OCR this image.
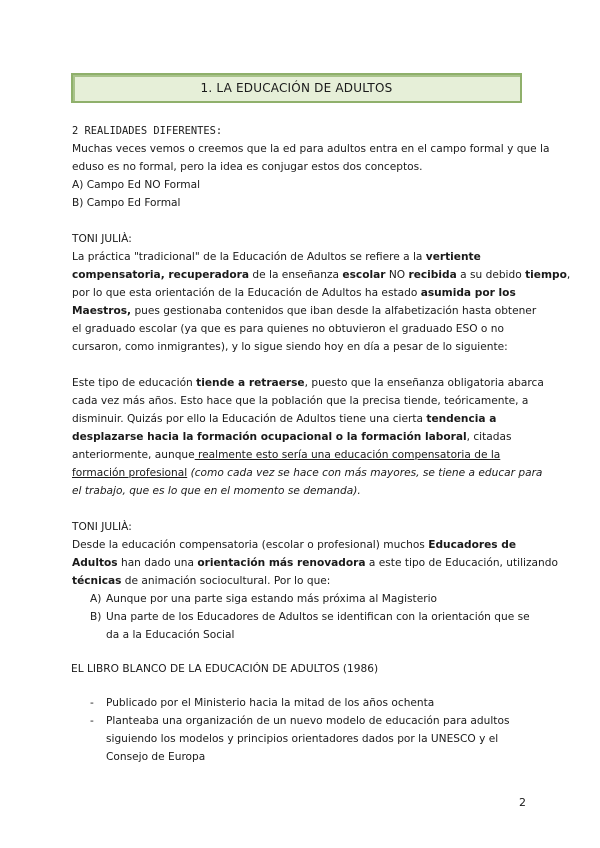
1. LA EDUCACIÓN DE ADULTOS
2 REALIDADES DIFERENTES:
Muchas veces vemos o creemos que la ed para adultos entra en el campo formal y que la
eduso es no formal, pero la idea es conjugar estos dos conceptos.
A) Campo Ed NO Formal
B) Campo Ed Formal
TONI JULIÀ:
La práctica "tradicional" de la Educación de Adultos se refiere a la vertiente
compensatoria, recuperadora de la enseñanza escolar NO recibida a su debido tiempo,
por lo que esta orientación de la Educación de Adultos ha estado asumida por los
Maestros, pues gestionaba contenidos que iban desde la alfabetización hasta obtener
el graduado escolar (ya que es para quienes no obtuvieron el graduado ESO o no
cursaron, como inmigrantes), y lo sigue siendo hoy en día a pesar de lo siguiente:
Este tipo de educación tiende a retraerse, puesto que la enseñanza obligatoria abarca
cada vez más años. Esto hace que la población que la precisa tiende, teóricamente, a
disminuir. Quizás por ello la Educación de Adultos tiene una cierta tendencia a
desplazarse hacia la formación ocupacional o la formación laboral, citadas
anteriormente, aunque realmente esto sería una educación compensatoria de la
formación profesional (como cada vez se hace con más mayores, se tiene a educar para
el trabajo, que es lo que en el momento se demanda).
TONI JULIÀ:
Desde la educación compensatoria (escolar o profesional) muchos Educadores de
Adultos han dado una orientación más renovadora a este tipo de Educación, utilizando
técnicas de animación sociocultural. Por lo que:
A) Aunque por una parte siga estando más próxima al Magisterio
B) Una parte de los Educadores de Adultos se identifican con la orientación que se
da a la Educación Social
EL LIBRO BLANCO DE LA EDUCACIÓN DE ADULTOS (1986)
- Publicado por el Ministerio hacia la mitad de los años ochenta
- Planteaba una organización de un nuevo modelo de educación para adultos
siguiendo los modelos y principios orientadores dados por la UNESCO y el
Consejo de Europa
2
